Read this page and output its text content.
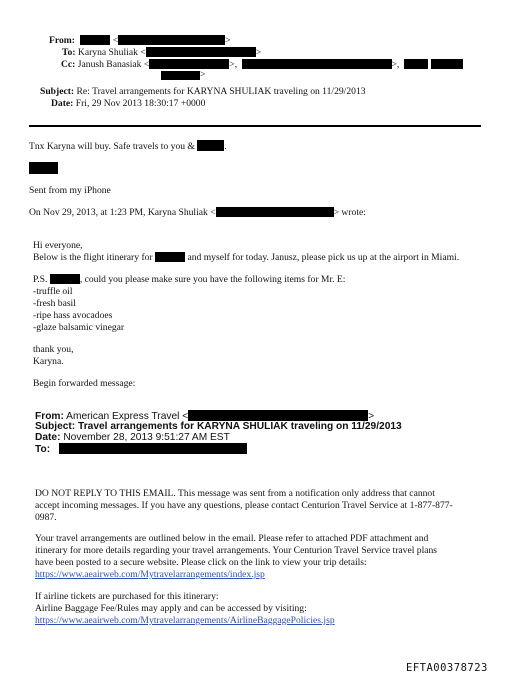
From:	<	>
To: Karyna Shuliak <	>
Cc: Janush Banasiak <	>,	>,
>
Subject: Re: Travel arrangements for KARYNA SHULIAK traveling on 11/29/2013
Date: Fri, 29 Nov 2013 18:30:17 +0000
Tnx Karyna will buy. Safe travels to you &	.
Sent from my iPhone
On Nov 29, 2013, at 1:23 PM, Karyna Shuliak <	> wrote:
Hi everyone,
Below is the flight itinerary for	and myself for today. Janusz, please pick us up at the airport in Miami.
P.S.	, could you please make sure you have the following items for Mr. E:
-truffle oil
-fresh basil
-ripe hass avocadoes
-glaze balsamic vinegar
thank you,
Karyna.
Begin forwarded message:
From: American Express Travel <	>
Subject: Travel arrangements for KARYNA SHULIAK traveling on 11/29/2013
Date: November 28, 2013 9:51:27 AM EST
To:
DO NOT REPLY TO THIS EMAIL. This message was sent from a notification only address that cannot
accept incoming messages. If you have any questions, please contact Centurion Travel Service at 1-877-877-
0987.
Your travel arrangements are outlined below in the email. Please refer to attached PDF attachment and
itinerary for more details regarding your travel arrangements. Your Centurion Travel Service travel plans
have been posted to a secure website. Please click on the link to view your trip details:
https://www.aeairweb.com/Mytravelarrangements/index.jsp
If airline tickets are purchased for this itinerary:
Airline Baggage Fee/Rules may apply and can be accessed by visiting:
https://www.aeairweb.com/Mytravelarrangements/AirlineBaggagePolicies.jsp
EFTA00378723
